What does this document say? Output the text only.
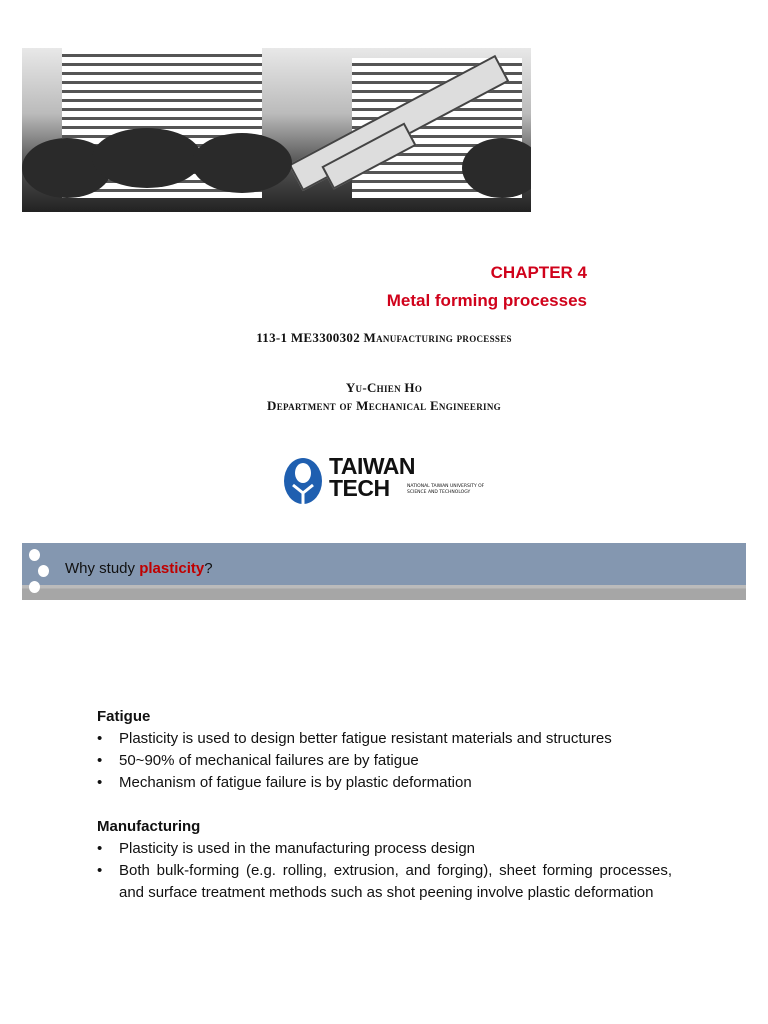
CHAPTER 4
Metal forming processes
113-1 ME3300302 Manufacturing processes
Yu-Chien Ho
Department of Mechanical Engineering
TAIWAN
TECH	NATIONAL TAIWAN UNIVERSITY OF SCIENCE AND TECHNOLOGY
Why study plasticity?
Fatigue
• Plasticity is used to design better fatigue resistant materials and structures
• 50~90% of mechanical failures are by fatigue
• Mechanism of fatigue failure is by plastic deformation
Manufacturing
• Plasticity is used in the manufacturing process design
• Both bulk-forming (e.g. rolling, extrusion, and forging), sheet forming processes, and surface treatment methods such as shot peening involve plastic deformation
